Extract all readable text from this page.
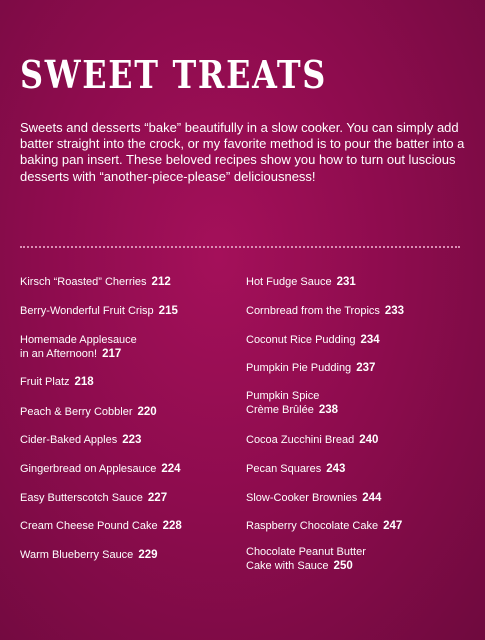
SWEET TREATS
Sweets and desserts “bake” beautifully in a slow cooker. You can simply add batter straight into the crock, or my favorite method is to pour the batter into a baking pan insert. These beloved recipes show you how to turn out luscious desserts with “another-piece-please” deliciousness!
Kirsch “Roasted” Cherries 212
Berry-Wonderful Fruit Crisp 215
Homemade Applesauce
in an Afternoon! 217
Fruit Platz 218
Peach & Berry Cobbler 220
Cider-Baked Apples 223
Gingerbread on Applesauce 224
Easy Butterscotch Sauce 227
Cream Cheese Pound Cake 228
Warm Blueberry Sauce 229
Hot Fudge Sauce 231
Cornbread from the Tropics 233
Coconut Rice Pudding 234
Pumpkin Pie Pudding 237
Pumpkin Spice
Crème Brûlée 238
Cocoa Zucchini Bread 240
Pecan Squares 243
Slow-Cooker Brownies 244
Raspberry Chocolate Cake 247
Chocolate Peanut Butter
Cake with Sauce 250
